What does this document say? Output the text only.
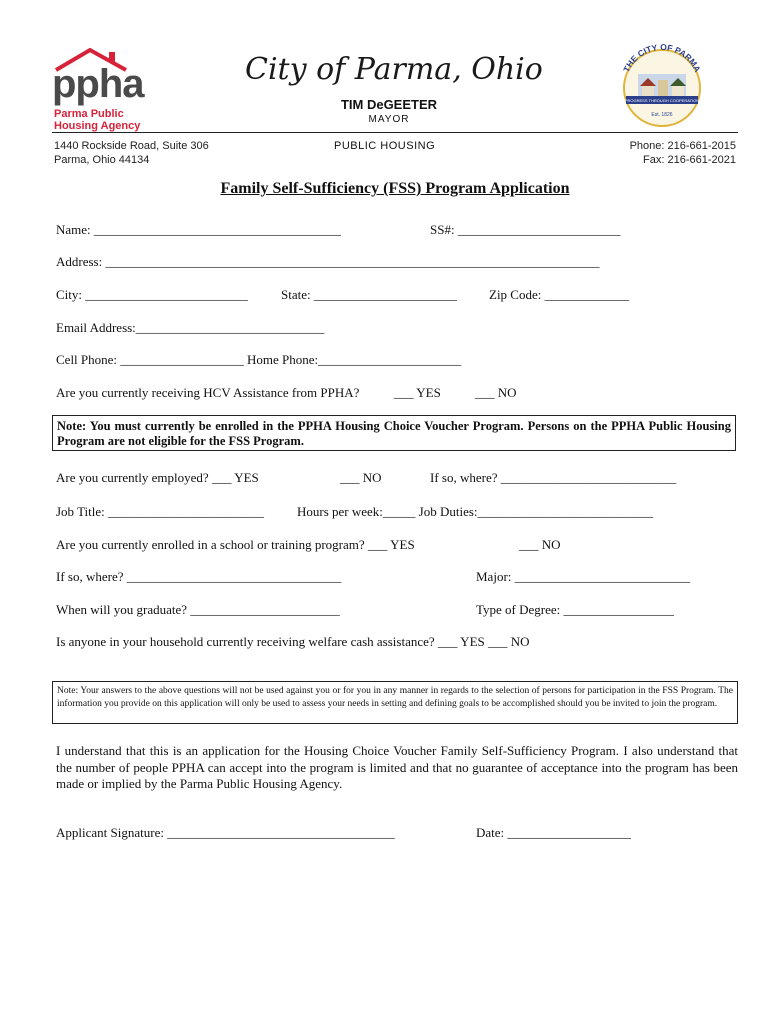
ppha
Parma Public
Housing Agency
City of Parma, Ohio
TIM DeGEETER
MAYOR
THE CITY OF PARMA
PROGRESS THROUGH COOPERATION
Est. 1826
1440 Rockside Road, Suite 306
Parma, Ohio 44134
PUBLIC HOUSING	Phone: 216-661-2015
Fax: 216-661-2021
Family Self-Sufficiency (FSS) Program Application
Name: ______________________________________	SS#: _________________________
Address: ____________________________________________________________________________
City: _________________________	State: ______________________ Zip Code: _____________
Email Address:_____________________________
Cell Phone: ___________________ Home Phone:______________________
Are you currently receiving HCV Assistance from PPHA?	___ YES	___ NO
Note: You must currently be enrolled in the PPHA Housing Choice Voucher Program. Persons on the PPHA Public Housing Program are not eligible for the FSS Program.
Are you currently employed? ___ YES	___ NO	If so, where? ___________________________
Job Title: ________________________	Hours per week:_____ Job Duties:___________________________
Are you currently enrolled in a school or training program? ___ YES	___ NO
If so, where? _________________________________	Major: ___________________________
When will you graduate? _______________________	Type of Degree: _________________
Is anyone in your household currently receiving welfare cash assistance? ___ YES ___ NO
Note: Your answers to the above questions will not be used against you or for you in any manner in regards to the selection of persons for participation in the FSS Program. The information you provide on this application will only be used to assess your needs in setting and defining goals to be accomplished should you be invited to join the program.
I understand that this is an application for the Housing Choice Voucher Family Self-Sufficiency Program. I also understand that the number of people PPHA can accept into the program is limited and that no guarantee of acceptance into the program has been made or implied by the Parma Public Housing Agency.
Applicant Signature: ___________________________________	Date: ___________________
